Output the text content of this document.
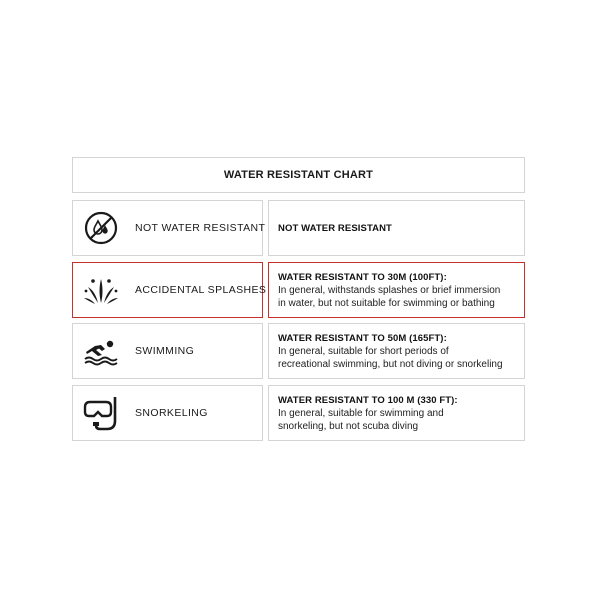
WATER RESISTANT CHART
NOT WATER RESISTANT NOT WATER RESISTANT
ACCIDENTAL SPLASHES
WATER RESISTANT TO 30M (100FT):
In general, withstands splashes or brief immersion
in water, but not suitable for swimming or bathing
SWIMMING
WATER RESISTANT TO 50M (165FT):
In general, suitable for short periods of
recreational swimming, but not diving or snorkeling
SNORKELING
WATER RESISTANT TO 100 M (330 FT):
In general, suitable for swimming and
snorkeling, but not scuba diving
